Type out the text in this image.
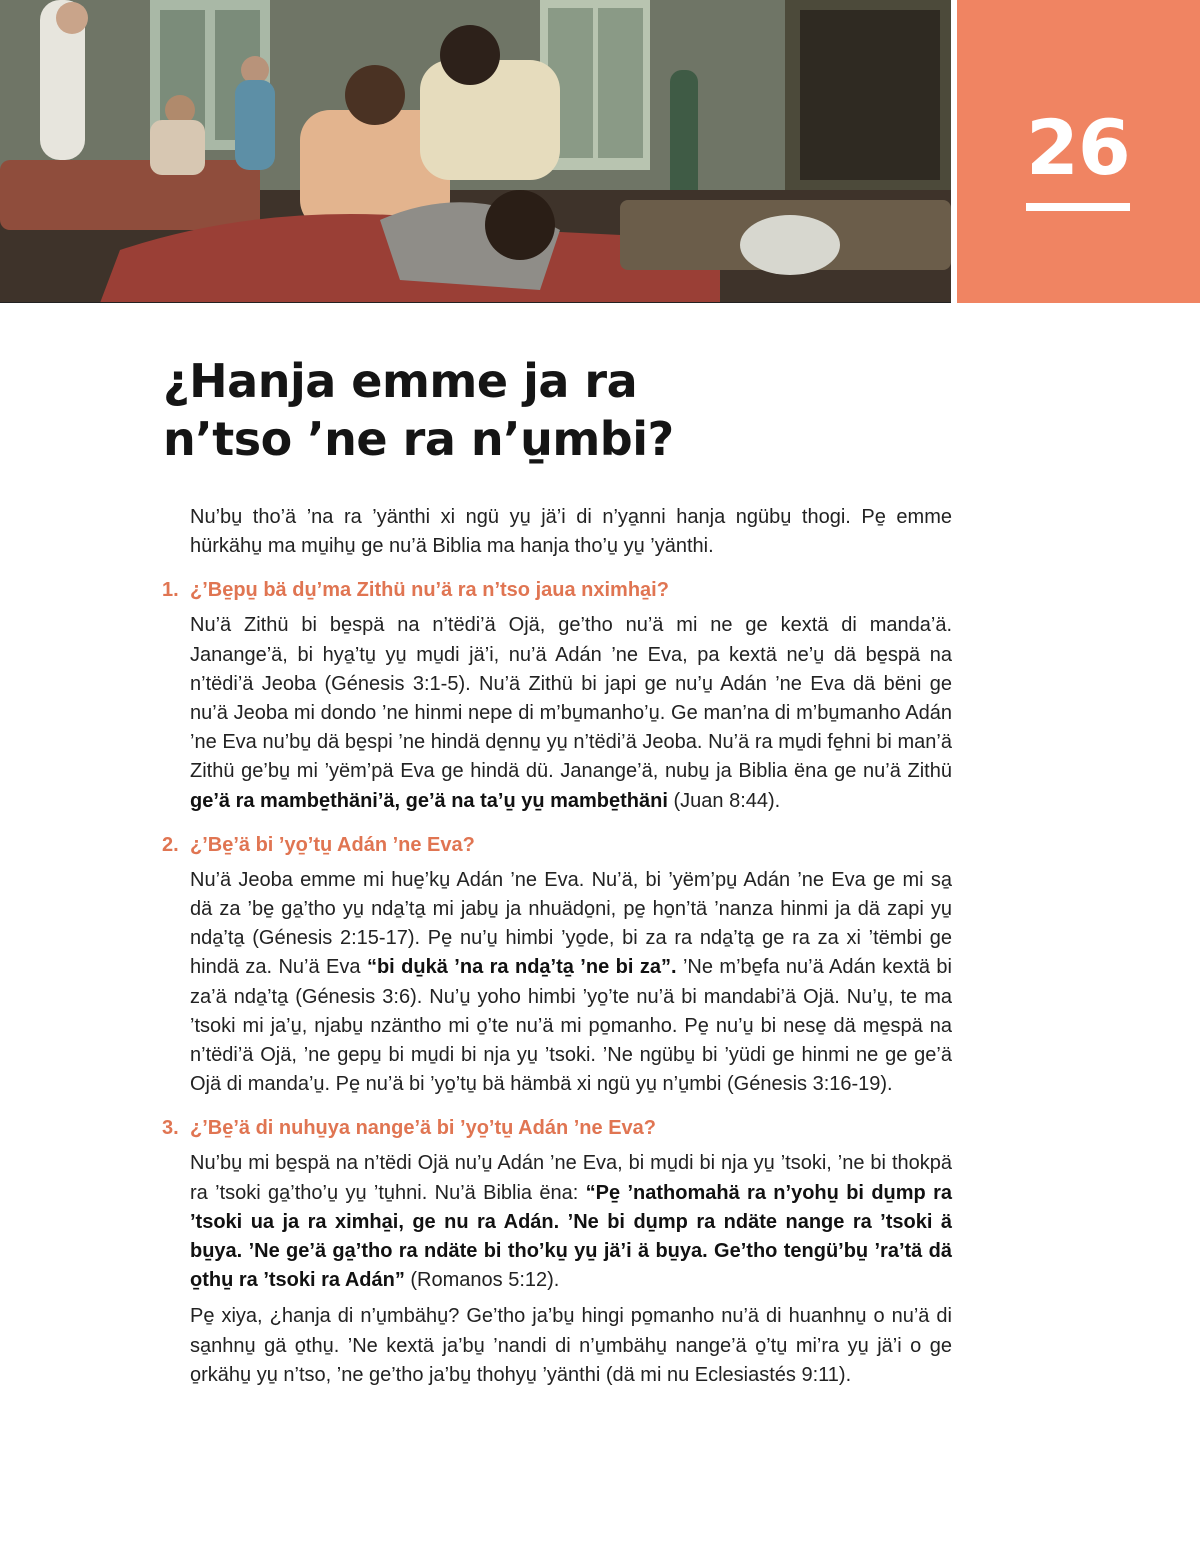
26
¿Hanja emme ja ra
n’tso ’ne ra n’u̱mbi?

Nu’bu̱ tho’ä ’na ra ’yänthi xi ngü yu̱ jä’i di n’ya̱nni hanja ngübu̱ thogi. Pe̱ emme hürkähu̱ ma mu̱ihu̱ ge nu’ä Biblia ma hanja tho’u̱ yu̱ ’yänthi.

1. ¿’Be̱pu̱ bä du̱’ma Zithü nu’ä ra n’tso jaua nximha̱i?

Nu’ä Zithü bi be̱spä na n’tëdi’ä Ojä, ge’tho nu’ä mi ne ge kextä di manda’ä. Janange’ä, bi hya̱’tu̱ yu̱ mu̱di jä’i, nu’ä Adán ’ne Eva, pa kextä ne’u̱ dä be̱spä na n’tëdi’ä Jeoba (Génesis 3:1-5). Nu’ä Zithü bi japi ge nu’u̱ Adán ’ne Eva dä bëni ge nu’ä Jeoba mi dondo ’ne hinmi nepe di m’bu̱manho’u̱. Ge man’na di m’bu̱manho Adán ’ne Eva nu’bu̱ dä be̱spi ’ne hindä de̱nnu̱ yu̱ n’tëdi’ä Jeoba. Nu’ä ra mu̱di fe̱hni bi man’ä Zithü ge’bu̱ mi ’yëm’pä Eva ge hindä dü. Janange’ä, nubu̱ ja Biblia ëna ge nu’ä Zithü ge’ä ra mambe̱thäni’ä, ge’ä na ta’u̱ yu̱ mambe̱thäni (Juan 8:44).

2. ¿’Be̱’ä bi ’yo̱’tu̱ Adán ’ne Eva?

Nu’ä Jeoba emme mi hue̱’ku̱ Adán ’ne Eva. Nu’ä, bi ’yëm’pu̱ Adán ’ne Eva ge mi sa̱ dä za ’be̱ ga̱’tho yu̱ nda̱’ta̱ mi jabu̱ ja nhuädo̱ni, pe̱ ho̱n’tä ’nanza hinmi ja dä zapi yu̱ nda̱’ta̱ (Génesis 2:15-17). Pe̱ nu’u̱ himbi ’yo̱de, bi za ra nda̱’ta̱ ge ra za xi ’tëmbi ge hindä za. Nu’ä Eva “bi du̱kä ’na ra nda̱’ta̱ ’ne bi za”. ’Ne m’be̱fa nu’ä Adán kextä bi za’ä nda̱’ta̱ (Génesis 3:6). Nu’u̱ yoho himbi ’yo̱’te nu’ä bi mandabi’ä Ojä. Nu’u̱, te ma ’tsoki mi ja’u̱, njabu̱ nzäntho mi o̱’te nu’ä mi po̱manho. Pe̱ nu’u̱ bi nese̱ dä me̱spä na n’tëdi’ä Ojä, ’ne gepu̱ bi mu̱di bi nja yu̱ ’tsoki. ’Ne ngübu̱ bi ’yüdi ge hinmi ne ge ge’ä Ojä di manda’u̱. Pe̱ nu’ä bi ’yo̱’tu̱ bä hämbä xi ngü yu̱ n’u̱mbi (Génesis 3:16-19).

3. ¿’Be̱’ä di nuhu̱ya nange’ä bi ’yo̱’tu̱ Adán ’ne Eva?

Nu’bu̱ mi be̱spä na n’tëdi Ojä nu’u̱ Adán ’ne Eva, bi mu̱di bi nja yu̱ ’tsoki, ’ne bi thokpä ra ’tsoki ga̱’tho’u̱ yu̱ ’tu̱hni. Nu’ä Biblia ëna: “Pe̱ ’nathomahä ra n’yohu̱ bi du̱mp ra ’tsoki ua ja ra ximha̱i, ge nu ra Adán. ’Ne bi du̱mp ra ndäte nange ra ’tsoki ä bu̱ya. ’Ne ge’ä ga̱’tho ra ndäte bi tho’ku̱ yu̱ jä’i ä bu̱ya. Ge’tho tengü’bu̱ ’ra’tä dä o̱thu̱ ra ’tsoki ra Adán” (Romanos 5:12).

Pe̱ xiya, ¿hanja di n’u̱mbähu̱? Ge’tho ja’bu̱ hingi po̱manho nu’ä di huanhnu̱ o nu’ä di sa̱nhnu̱ gä o̱thu̱. ’Ne kextä ja’bu̱ ’nandi di n’u̱mbähu̱ nange’ä o̱’tu̱ mi’ra yu̱ jä’i o ge o̱rkähu̱ yu̱ n’tso, ’ne ge’tho ja’bu̱ thohyu̱ ’yänthi (dä mi nu Eclesiastés 9:11).
